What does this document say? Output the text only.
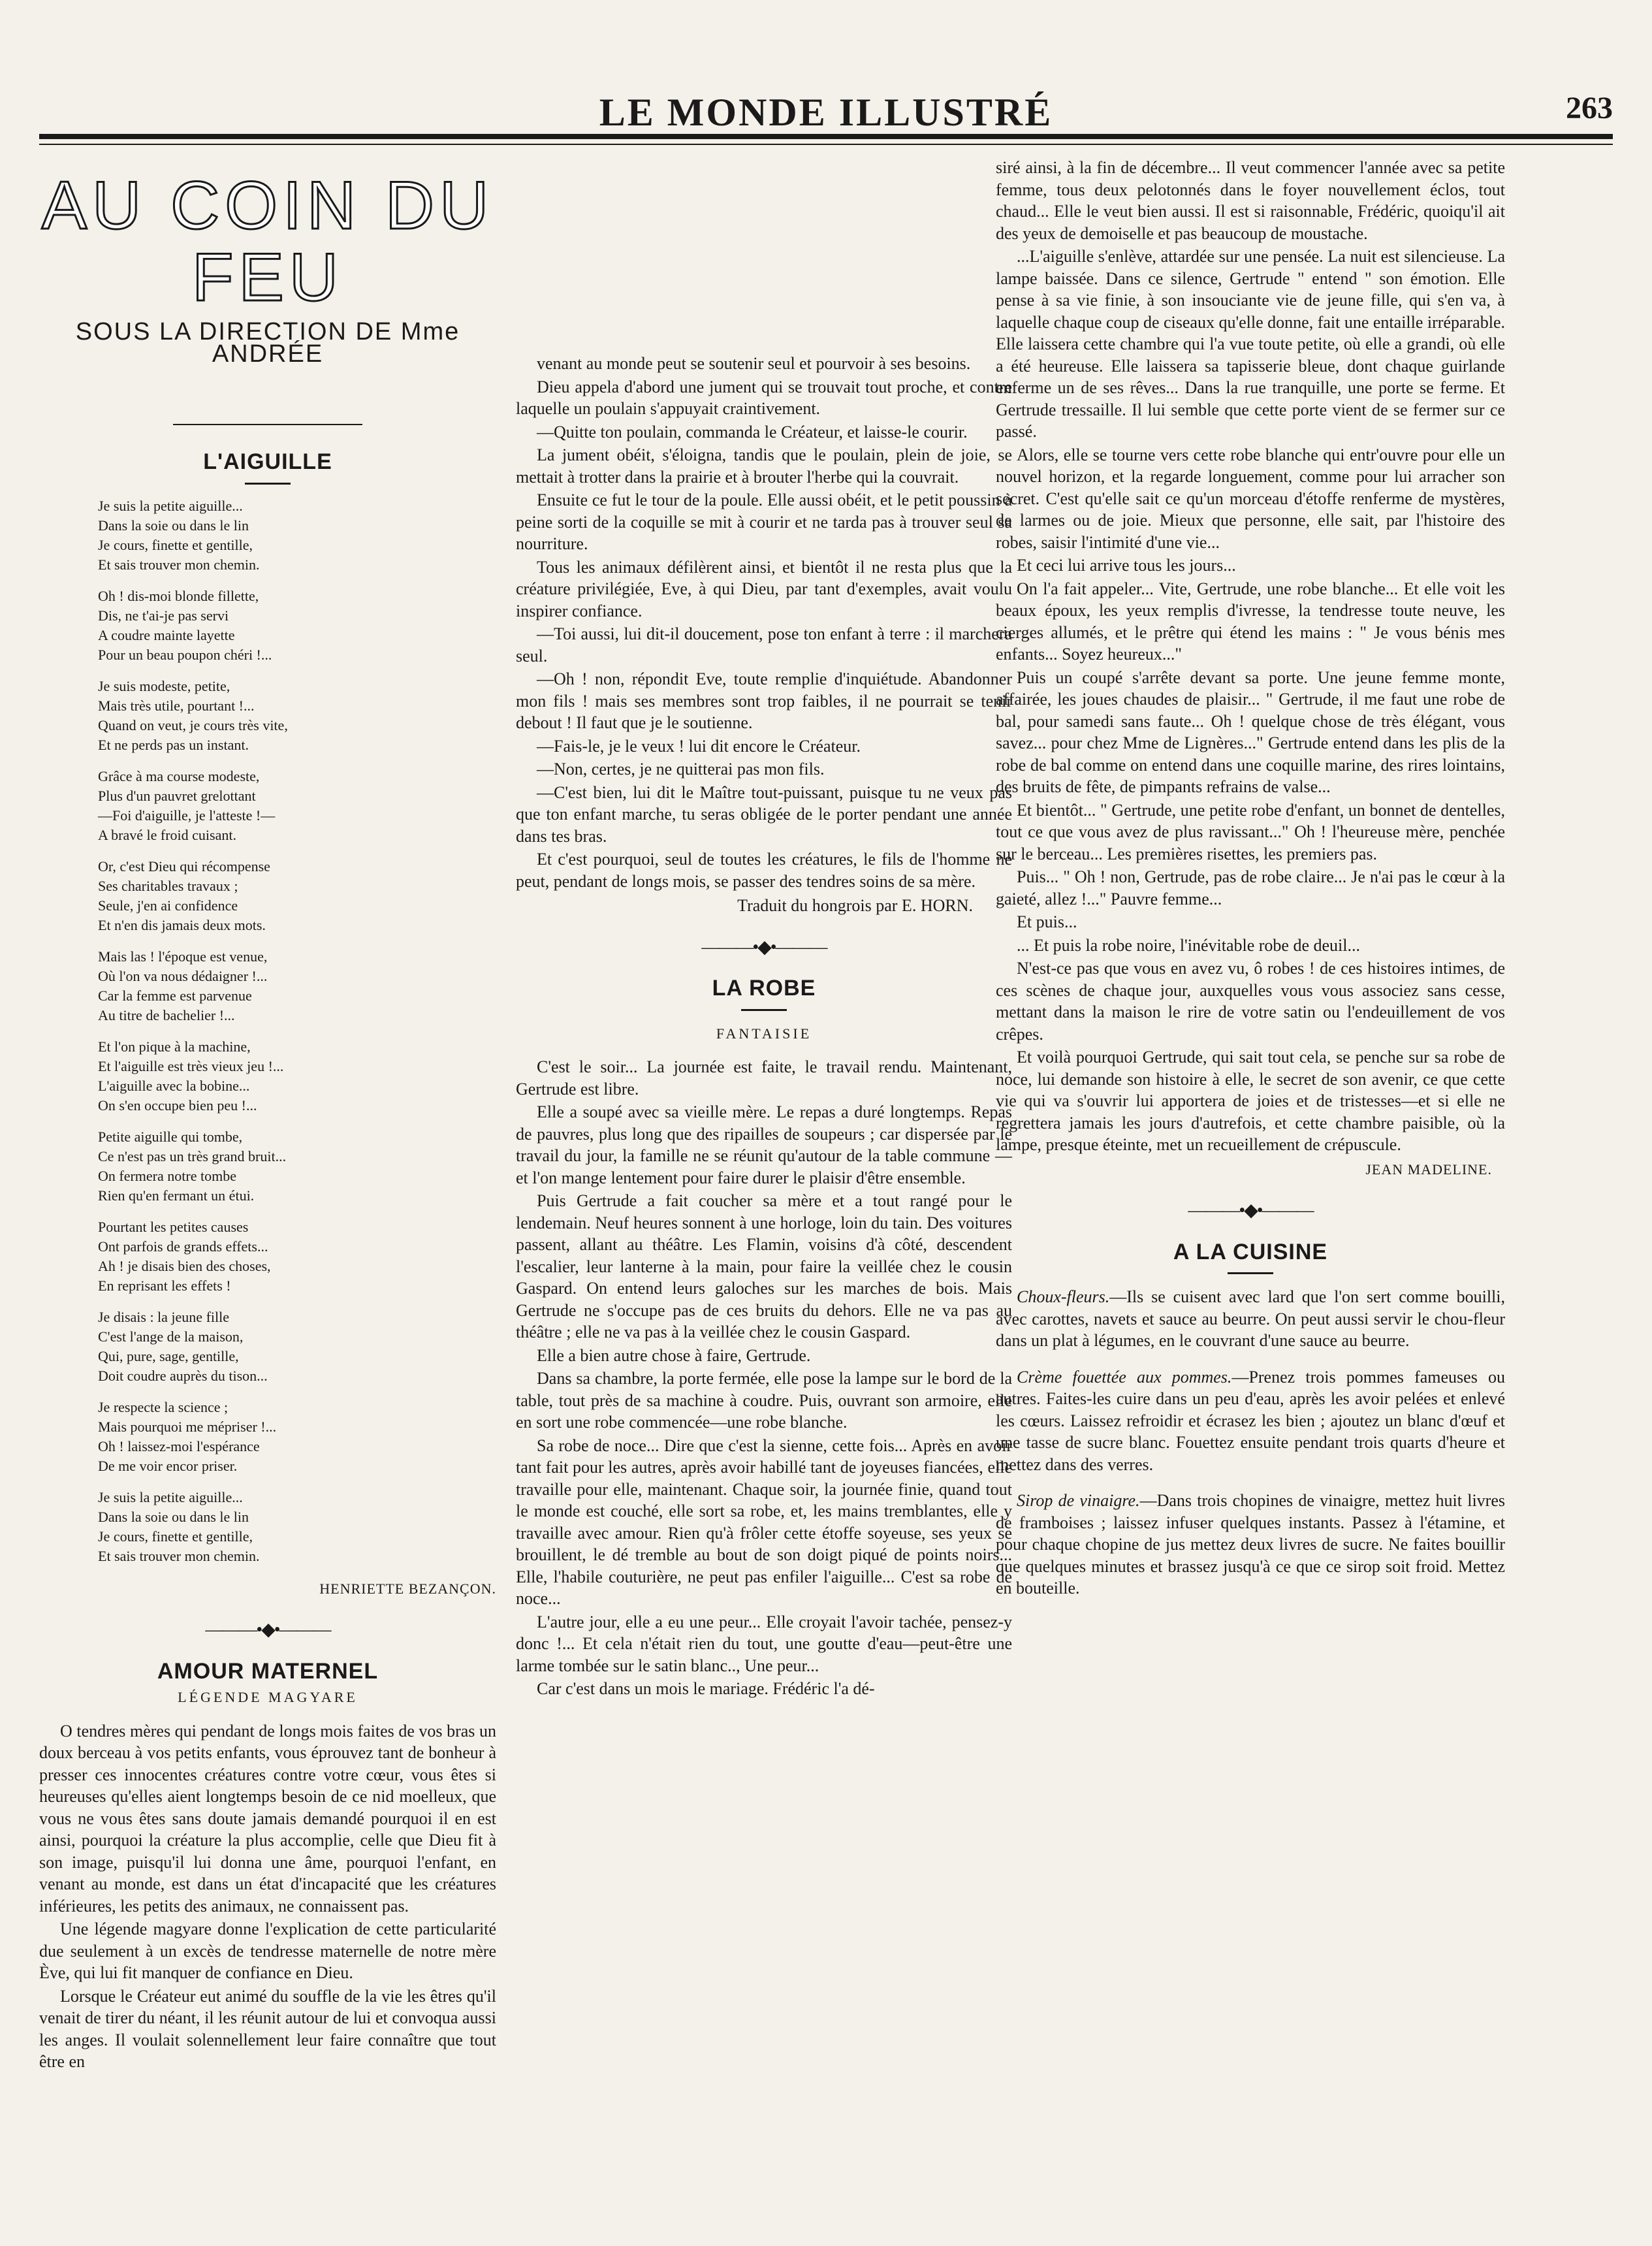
LE MONDE ILLUSTRÉ	263
AU COIN DU FEU
SOUS LA DIRECTION DE Mme ANDRÉE
L'AIGUILLE
Je suis la petite aiguille...
Dans la soie ou dans le lin
Je cours, finette et gentille,
Et sais trouver mon chemin.
Oh ! dis-moi blonde fillette,
Dis, ne t'ai-je pas servi
A coudre mainte layette
Pour un beau poupon chéri !...
Je suis modeste, petite,
Mais très utile, pourtant !...
Quand on veut, je cours très vite,
Et ne perds pas un instant.
Grâce à ma course modeste,
Plus d'un pauvret grelottant
—Foi d'aiguille, je l'atteste !—
A bravé le froid cuisant.
Or, c'est Dieu qui récompense
Ses charitables travaux ;
Seule, j'en ai confidence
Et n'en dis jamais deux mots.
Mais las ! l'époque est venue,
Où l'on va nous dédaigner !...
Car la femme est parvenue
Au titre de bachelier !...
Et l'on pique à la machine,
Et l'aiguille est très vieux jeu !...
L'aiguille avec la bobine...
On s'en occupe bien peu !...
Petite aiguille qui tombe,
Ce n'est pas un très grand bruit...
On fermera notre tombe
Rien qu'en fermant un étui.
Pourtant les petites causes
Ont parfois de grands effets...
Ah ! je disais bien des choses,
En reprisant les effets !
Je disais : la jeune fille
C'est l'ange de la maison,
Qui, pure, sage, gentille,
Doit coudre auprès du tison...
Je respecte la science ;
Mais pourquoi me mépriser !...
Oh ! laissez-moi l'espérance
De me voir encor priser.
Je suis la petite aiguille...
Dans la soie ou dans le lin
Je cours, finette et gentille,
Et sais trouver mon chemin.
HENRIETTE BEZANÇON.
———•◆•———
AMOUR MATERNEL
LÉGENDE MAGYARE

O tendres mères qui pendant de longs mois faites de vos bras un doux berceau à vos petits enfants, vous éprouvez tant de bonheur à presser ces innocentes créatures contre votre cœur, vous êtes si heureuses qu'elles aient longtemps besoin de ce nid moelleux, que vous ne vous êtes sans doute jamais demandé pourquoi il en est ainsi, pourquoi la créature la plus accomplie, celle que Dieu fit à son image, puisqu'il lui donna une âme, pourquoi l'enfant, en venant au monde, est dans un état d'incapacité que les créatures inférieures, les petits des animaux, ne connaissent pas.

Une légende magyare donne l'explication de cette particularité due seulement à un excès de tendresse maternelle de notre mère Ève, qui lui fit manquer de confiance en Dieu.

Lorsque le Créateur eut animé du souffle de la vie les êtres qu'il venait de tirer du néant, il les réunit autour de lui et convoqua aussi les anges. Il voulait solennellement leur faire connaître que tout être en

venant au monde peut se soutenir seul et pourvoir à ses besoins.

Dieu appela d'abord une jument qui se trouvait tout proche, et contre laquelle un poulain s'appuyait craintivement.

—Quitte ton poulain, commanda le Créateur, et laisse-le courir.

La jument obéit, s'éloigna, tandis que le poulain, plein de joie, se mettait à trotter dans la prairie et à brouter l'herbe qui la couvrait.

Ensuite ce fut le tour de la poule. Elle aussi obéit, et le petit poussin à peine sorti de la coquille se mit à courir et ne tarda pas à trouver seul sa nourriture.

Tous les animaux défilèrent ainsi, et bientôt il ne resta plus que la créature privilégiée, Eve, à qui Dieu, par tant d'exemples, avait voulu inspirer confiance.

—Toi aussi, lui dit-il doucement, pose ton enfant à terre : il marchera seul.

—Oh ! non, répondit Eve, toute remplie d'inquiétude. Abandonner mon fils ! mais ses membres sont trop faibles, il ne pourrait se tenir debout ! Il faut que je le soutienne.

—Fais-le, je le veux ! lui dit encore le Créateur.

—Non, certes, je ne quitterai pas mon fils.

—C'est bien, lui dit le Maître tout-puissant, puisque tu ne veux pas que ton enfant marche, tu seras obligée de le porter pendant une année dans tes bras.

Et c'est pourquoi, seul de toutes les créatures, le fils de l'homme ne peut, pendant de longs mois, se passer des tendres soins de sa mère.

Traduit du hongrois par E. HORN.
———•◆•———
LA ROBE
FANTAISIE

C'est le soir... La journée est faite, le travail rendu. Maintenant, Gertrude est libre.

Elle a soupé avec sa vieille mère. Le repas a duré longtemps. Repas de pauvres, plus long que des ripailles de soupeurs ; car dispersée par le travail du jour, la famille ne se réunit qu'autour de la table commune — et l'on mange lentement pour faire durer le plaisir d'être ensemble.

Puis Gertrude a fait coucher sa mère et a tout rangé pour le lendemain. Neuf heures sonnent à une horloge, loin du tain. Des voitures passent, allant au théâtre. Les Flamin, voisins d'à côté, descendent l'escalier, leur lanterne à la main, pour faire la veillée chez le cousin Gaspard. On entend leurs galoches sur les marches de bois. Mais Gertrude ne s'occupe pas de ces bruits du dehors. Elle ne va pas au théâtre ; elle ne va pas à la veillée chez le cousin Gaspard.

Elle a bien autre chose à faire, Gertrude.

Dans sa chambre, la porte fermée, elle pose la lampe sur le bord de la table, tout près de sa machine à coudre. Puis, ouvrant son armoire, elle en sort une robe commencée—une robe blanche.

Sa robe de noce... Dire que c'est la sienne, cette fois... Après en avoir tant fait pour les autres, après avoir habillé tant de joyeuses fiancées, elle travaille pour elle, maintenant. Chaque soir, la journée finie, quand tout le monde est couché, elle sort sa robe, et, les mains tremblantes, elle y travaille avec amour. Rien qu'à frôler cette étoffe soyeuse, ses yeux se brouillent, le dé tremble au bout de son doigt piqué de points noirs... Elle, l'habile couturière, ne peut pas enfiler l'aiguille... C'est sa robe de noce...

L'autre jour, elle a eu une peur... Elle croyait l'avoir tachée, pensez-y donc !... Et cela n'était rien du tout, une goutte d'eau—peut-être une larme tombée sur le satin blanc.., Une peur...

Car c'est dans un mois le mariage. Frédéric l'a dé-

siré ainsi, à la fin de décembre... Il veut commencer l'année avec sa petite femme, tous deux pelotonnés dans le foyer nouvellement éclos, tout chaud... Elle le veut bien aussi. Il est si raisonnable, Frédéric, quoiqu'il ait des yeux de demoiselle et pas beaucoup de moustache.

...L'aiguille s'enlève, attardée sur une pensée. La nuit est silencieuse. La lampe baissée. Dans ce silence, Gertrude " entend " son émotion. Elle pense à sa vie finie, à son insouciante vie de jeune fille, qui s'en va, à laquelle chaque coup de ciseaux qu'elle donne, fait une entaille irréparable. Elle laissera cette chambre qui l'a vue toute petite, où elle a grandi, où elle a été heureuse. Elle laissera sa tapisserie bleue, dont chaque guirlande enferme un de ses rêves... Dans la rue tranquille, une porte se ferme. Et Gertrude tressaille. Il lui semble que cette porte vient de se fermer sur ce passé.

Alors, elle se tourne vers cette robe blanche qui entr'ouvre pour elle un nouvel horizon, et la regarde longuement, comme pour lui arracher son secret. C'est qu'elle sait ce qu'un morceau d'étoffe renferme de mystères, de larmes ou de joie. Mieux que personne, elle sait, par l'histoire des robes, saisir l'intimité d'une vie...

Et ceci lui arrive tous les jours...

On l'a fait appeler... Vite, Gertrude, une robe blanche... Et elle voit les beaux époux, les yeux remplis d'ivresse, la tendresse toute neuve, les cierges allumés, et le prêtre qui étend les mains : " Je vous bénis mes enfants... Soyez heureux..."

Puis un coupé s'arrête devant sa porte. Une jeune femme monte, affairée, les joues chaudes de plaisir... " Gertrude, il me faut une robe de bal, pour samedi sans faute... Oh ! quelque chose de très élégant, vous savez... pour chez Mme de Lignères..." Gertrude entend dans les plis de la robe de bal comme on entend dans une coquille marine, des rires lointains, des bruits de fête, de pimpants refrains de valse...

Et bientôt... " Gertrude, une petite robe d'enfant, un bonnet de dentelles, tout ce que vous avez de plus ravissant..." Oh ! l'heureuse mère, penchée sur le berceau... Les premières risettes, les premiers pas.

Puis... " Oh ! non, Gertrude, pas de robe claire... Je n'ai pas le cœur à la gaieté, allez !..." Pauvre femme...

Et puis...

... Et puis la robe noire, l'inévitable robe de deuil...

N'est-ce pas que vous en avez vu, ô robes ! de ces histoires intimes, de ces scènes de chaque jour, auxquelles vous vous associez sans cesse, mettant dans la maison le rire de votre satin ou l'endeuillement de vos crêpes.

Et voilà pourquoi Gertrude, qui sait tout cela, se penche sur sa robe de noce, lui demande son histoire à elle, le secret de son avenir, ce que cette vie qui va s'ouvrir lui apportera de joies et de tristesses—et si elle ne regrettera jamais les jours d'autrefois, et cette chambre paisible, où la lampe, presque éteinte, met un recueillement de crépuscule.

JEAN MADELINE.
———•◆•———
A LA CUISINE

Choux-fleurs.—Ils se cuisent avec lard que l'on sert comme bouilli, avec carottes, navets et sauce au beurre. On peut aussi servir le chou-fleur dans un plat à légumes, en le couvrant d'une sauce au beurre.

Crème fouettée aux pommes.—Prenez trois pommes fameuses ou autres. Faites-les cuire dans un peu d'eau, après les avoir pelées et enlevé les cœurs. Laissez refroidir et écrasez les bien ; ajoutez un blanc d'œuf et une tasse de sucre blanc. Fouettez ensuite pendant trois quarts d'heure et mettez dans des verres.

Sirop de vinaigre.—Dans trois chopines de vinaigre, mettez huit livres de framboises ; laissez infuser quelques instants. Passez à l'étamine, et pour chaque chopine de jus mettez deux livres de sucre. Ne faites bouillir que quelques minutes et brassez jusqu'à ce que ce sirop soit froid. Mettez en bouteille.
